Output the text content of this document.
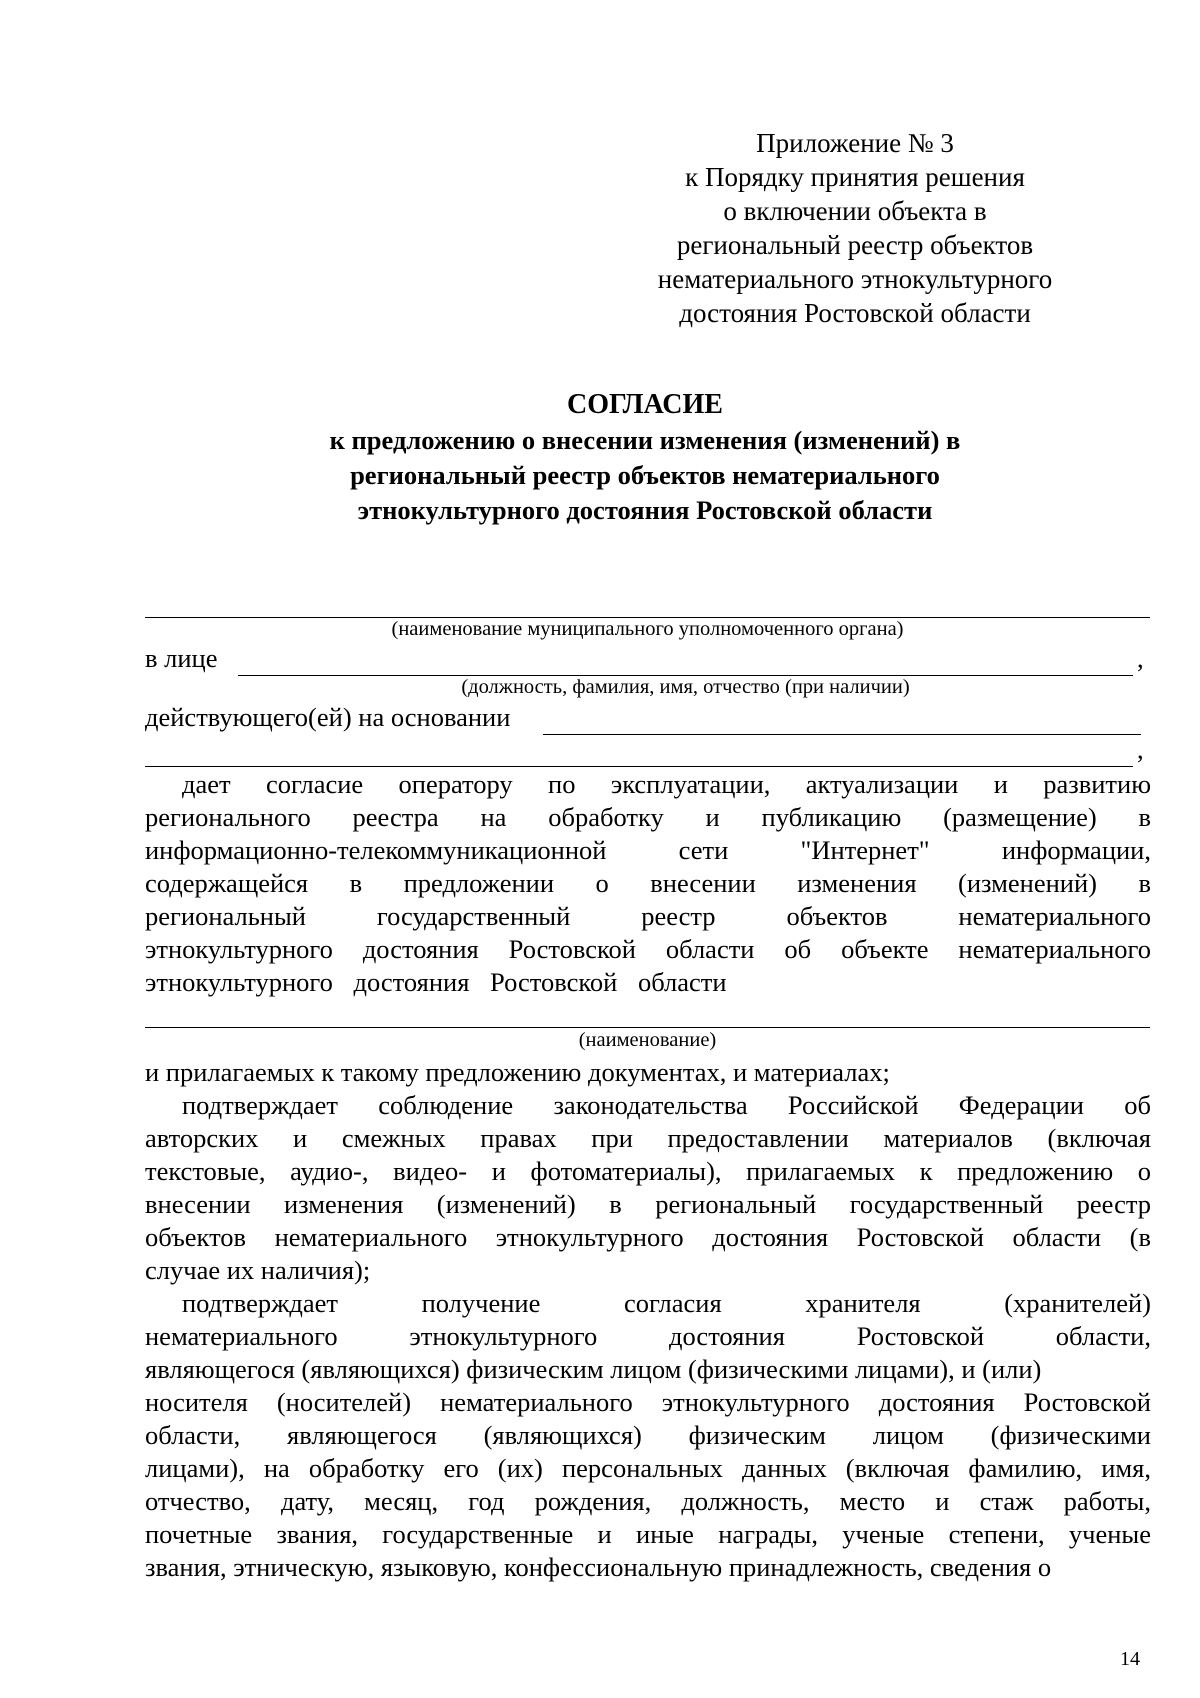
Приложение № 3
к Порядку принятия решения
о включении объекта в
региональный реестр объектов
нематериального этнокультурного
достояния Ростовской области
СОГЛАСИЕ
к предложению о внесении изменения (изменений) в
региональный реестр объектов нематериального
этнокультурного достояния Ростовской области
(наименование муниципального уполномоченного органа)
в лице	,
(должность, фамилия, имя, отчество (при наличии)
действующего(ей) на основании
,
дает согласие оператору по эксплуатации, актуализации и развитию
регионального реестра на обработку и публикацию (размещение) в
информационно-телекоммуникационной сети "Интернет" информации,
содержащейся в предложении о внесении изменения (изменений) в
региональный государственный реестр объектов нематериального
этнокультурного достояния Ростовской области об объекте нематериального
этнокультурного достояния Ростовской области
(наименование)
и прилагаемых к такому предложению документах, и материалах;
подтверждает соблюдение законодательства Российской Федерации об
авторских и смежных правах при предоставлении материалов (включая
текстовые, аудио-, видео- и фотоматериалы), прилагаемых к предложению о
внесении изменения (изменений) в региональный государственный реестр
объектов нематериального этнокультурного достояния Ростовской области (в
случае их наличия);
подтверждает получение согласия хранителя (хранителей)
нематериального этнокультурного достояния Ростовской области,
являющегося (являющихся) физическим лицом (физическими лицами), и (или)
носителя (носителей) нематериального этнокультурного достояния Ростовской
области, являющегося (являющихся) физическим лицом (физическими
лицами), на обработку его (их) персональных данных (включая фамилию, имя,
отчество, дату, месяц, год рождения, должность, место и стаж работы,
почетные звания, государственные и иные награды, ученые степени, ученые
звания, этническую, языковую, конфессиональную принадлежность, сведения о
14
